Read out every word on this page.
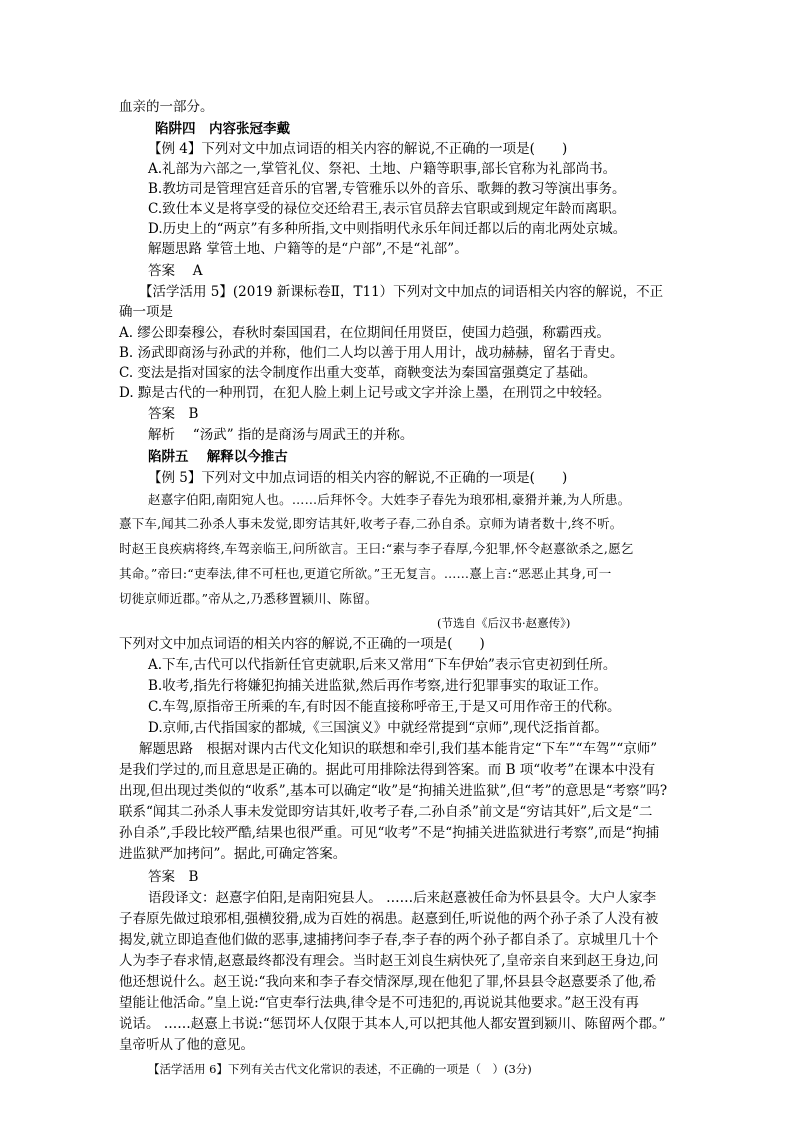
血亲的一部分。
陷阱四　内容张冠李戴
【例 4】下列对文中加点词语的相关内容的解说,不正确的一项是(　　)
A.礼部为六部之一,掌管礼仪、祭祀、土地、户籍等职事,部长官称为礼部尚书。
B.教坊司是管理宫廷音乐的官署,专管雅乐以外的音乐、歌舞的教习等演出事务。
C.致仕本义是将享受的禄位交还给君王,表示官员辞去官职或到规定年龄而离职。
D.历史上的“两京”有多种所指,文中则指明代永乐年间迁都以后的南北两处京城。
解题思路 掌管土地、户籍等的是“户部”,不是“礼部”。
答案　 A
【活学活用 5】(2019 新课标卷Ⅱ，T11）下列对文中加点的词语相关内容的解说，不正
确一项是
A. 缪公即秦穆公，春秋时秦国国君，在位期间任用贤臣，使国力趋强，称霸西戎。
B. 汤武即商汤与孙武的并称，他们二人均以善于用人用计，战功赫赫，留名于青史。
C. 变法是指对国家的法令制度作出重大变革，商鞅变法为秦国富强奠定了基础。
D. 黥是古代的一种刑罚，在犯人脸上刺上记号或文字并涂上墨，在刑罚之中较轻。
答案　B
解析　 “汤武” 指的是商汤与周武王的并称。
陷阱五　 解释以今推古
【例 5】下列对文中加点词语的相关内容的解说,不正确的一项是(　　)
赵憙字伯阳,南阳宛人也。……后拜怀令。大姓李子春先为琅邪相,豪猾并兼,为人所患。
憙下车,闻其二孙杀人事未发觉,即穷诘其奸,收考子春,二孙自杀。京师为请者数十,终不听。
时赵王良疾病将终,车驾亲临王,问所欲言。王曰:“素与李子春厚,今犯罪,怀令赵憙欲杀之,愿乞
其命。”帝曰:“吏奉法,律不可枉也,更道它所欲。”王无复言。……憙上言:“恶恶止其身,可一
切徙京师近郡。”帝从之,乃悉移置颍川、陈留。
(节选自《后汉书·赵憙传》)
下列对文中加点词语的相关内容的解说,不正确的一项是(　　)
A.下车,古代可以代指新任官吏就职,后来又常用“下车伊始”表示官吏初到任所。
B.收考,指先行将嫌犯拘捕关进监狱,然后再作考察,进行犯罪事实的取证工作。
C.车驾,原指帝王所乘的车,有时因不能直接称呼帝王,于是又可用作帝王的代称。
D.京师,古代指国家的都城,《三国演义》中就经常提到“京师”,现代泛指首都。
解题思路　根据对课内古代文化知识的联想和牵引,我们基本能肯定“下车”“车驾”“京师”
是我们学过的,而且意思是正确的。据此可用排除法得到答案。而 B 项“收考”在课本中没有
出现,但出现过类似的“收系”,基本可以确定“收”是“拘捕关进监狱”,但“考”的意思是“考察”吗?
联系“闻其二孙杀人事未发觉即穷诘其奸,收考子春,二孙自杀”前文是“穷诘其奸”,后文是“二
孙自杀”,手段比较严酷,结果也很严重。可见“收考”不是“拘捕关进监狱进行考察”,而是“拘捕
进监狱严加拷问”。据此,可确定答案。
答案　B
语段译文：赵憙字伯阳,是南阳宛县人。 ……后来赵憙被任命为怀县县令。大户人家李
子春原先做过琅邪相,强横狡猾,成为百姓的祸患。赵憙到任,听说他的两个孙子杀了人没有被
揭发,就立即追查他们做的恶事,逮捕拷问李子春,李子春的两个孙子都自杀了。京城里几十个
人为李子春求情,赵憙最终都没有理会。当时赵王刘良生病快死了,皇帝亲自来到赵王身边,问
他还想说什么。赵王说:“我向来和李子春交情深厚,现在他犯了罪,怀县县令赵憙要杀了他,希
望能让他活命。”皇上说:“官吏奉行法典,律令是不可违犯的,再说说其他要求。”赵王没有再
说话。 ……赵憙上书说:“惩罚坏人仅限于其本人,可以把其他人都安置到颍川、陈留两个郡。”
皇帝听从了他的意见。
【活学活用 6】下列有关古代文化常识的表述，不正确的一项是（　）(3分)
